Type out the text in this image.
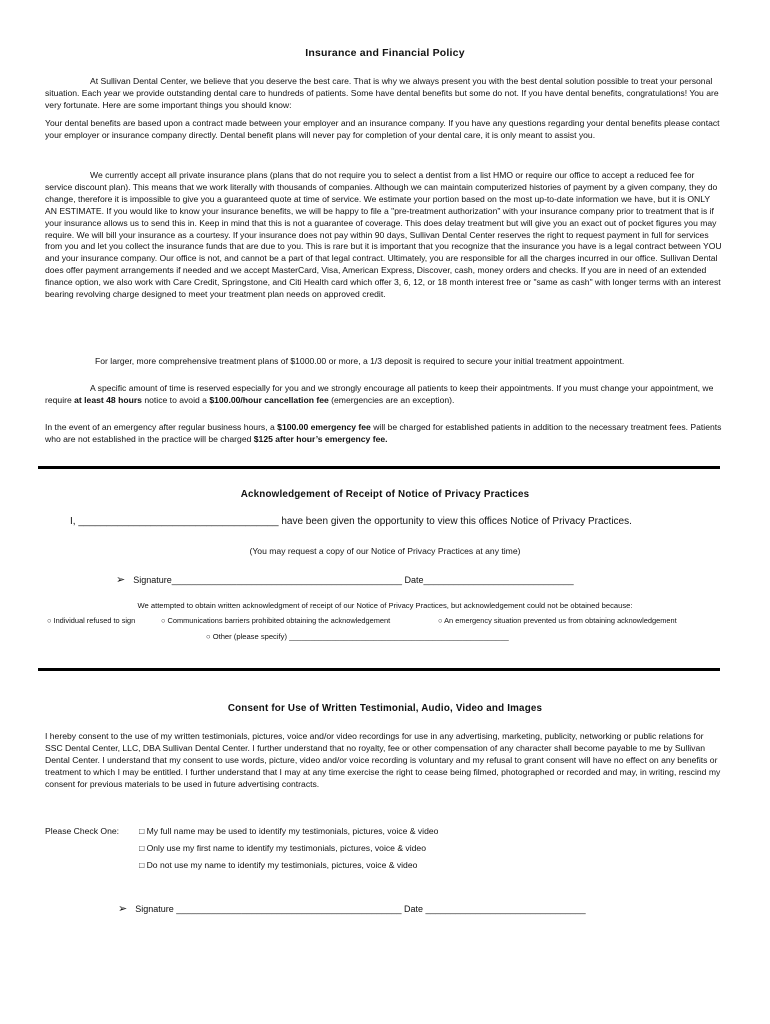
Insurance and Financial Policy

At Sullivan Dental Center, we believe that you deserve the best care. That is why we always present you with the best dental solution possible to treat your personal situation. Each year we provide outstanding dental care to hundreds of patients. Some have dental benefits but some do not. If you have dental benefits, congratulations! You are very fortunate. Here are some important things you should know:

Your dental benefits are based upon a contract made between your employer and an insurance company. If you have any questions regarding your dental benefits please contact your employer or insurance company directly. Dental benefit plans will never pay for completion of your dental care, it is only meant to assist you.

We currently accept all private insurance plans (plans that do not require you to select a dentist from a list HMO or require our office to accept a reduced fee for service discount plan). This means that we work literally with thousands of companies. Although we can maintain computerized histories of payment by a given company, they do change, therefore it is impossible to give you a guaranteed quote at time of service. We estimate your portion based on the most up-to-date information we have, but it is ONLY AN ESTIMATE. If you would like to know your insurance benefits, we will be happy to file a "pre-treatment authorization" with your insurance company prior to treatment that is if your insurance allows us to send this in. Keep in mind that this is not a guarantee of coverage. This does delay treatment but will give you an exact out of pocket figures you may require. We will bill your insurance as a courtesy. If your insurance does not pay within 90 days, Sullivan Dental Center reserves the right to request payment in full for services from you and let you collect the insurance funds that are due to you. This is rare but it is important that you recognize that the insurance you have is a legal contract between YOU and your insurance company. Our office is not, and cannot be a part of that legal contract. Ultimately, you are responsible for all the charges incurred in our office. Sullivan Dental does offer payment arrangements if needed and we accept MasterCard, Visa, American Express, Discover, cash, money orders and checks. If you are in need of an extended finance option, we also work with Care Credit, Springstone, and Citi Health card which offer 3, 6, 12, or 18 month interest free or "same as cash" with longer terms with an interest bearing revolving charge designed to meet your treatment plan needs on approved credit.

For larger, more comprehensive treatment plans of $1000.00 or more, a 1/3 deposit is required to secure your initial treatment appointment.

A specific amount of time is reserved especially for you and we strongly encourage all patients to keep their appointments. If you must change your appointment, we require at least 48 hours notice to avoid a $100.00/hour cancellation fee (emergencies are an exception).

In the event of an emergency after regular business hours, a $100.00 emergency fee will be charged for established patients in addition to the necessary treatment fees. Patients who are not established in the practice will be charged $125 after hour’s emergency fee.

Acknowledgement of Receipt of Notice of Privacy Practices
I, ____________________________________ have been given the opportunity to view this offices Notice of Privacy Practices.
(You may request a copy of our Notice of Privacy Practices at any time)
➢ Signature______________________________________________ Date______________________________
We attempted to obtain written acknowledgment of receipt of our Notice of Privacy Practices, but acknowledgement could not be obtained because:
○ Individual refused to sign	○ Communications barriers prohibited obtaining the acknowledgement	○ An emergency situation prevented us from obtaining acknowledgement
○ Other (please specify) ____________________________________________________
Consent for Use of Written Testimonial, Audio, Video and Images

I hereby consent to the use of my written testimonials, pictures, voice and/or video recordings for use in any advertising, marketing, publicity, networking or public relations for SSC Dental Center, LLC, DBA Sullivan Dental Center. I further understand that no royalty, fee or other compensation of any character shall become payable to me by Sullivan Dental Center. I understand that my consent to use words, picture, video and/or voice recording is voluntary and my refusal to grant consent will have no effect on any benefits or treatment to which I may be entitled. I further understand that I may at any time exercise the right to cease being filmed, photographed or recorded and may, in writing, rescind my consent for previous materials to be used in future advertising contracts.

Please Check One: □ My full name may be used to identify my testimonials, pictures, voice & video
□ Only use my first name to identify my testimonials, pictures, voice & video
□ Do not use my name to identify my testimonials, pictures, voice & video
➢ Signature _____________________________________________ Date ________________________________
